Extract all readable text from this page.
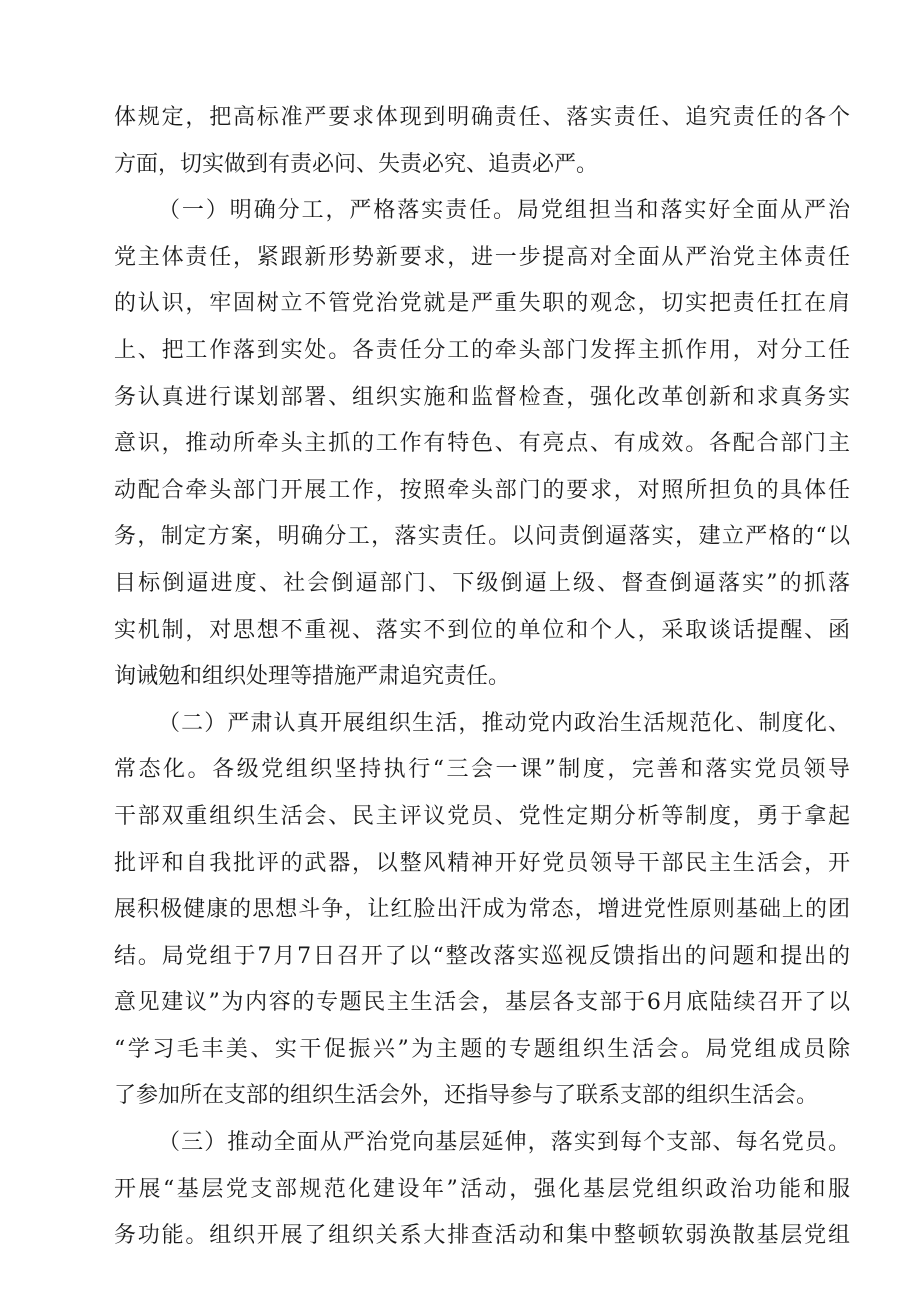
体规定，把高标准严要求体现到明确责任、落实责任、追究责任的各个
方面，切实做到有责必问、失责必究、追责必严。
（一）明确分工，严格落实责任。局党组担当和落实好全面从严治
党主体责任，紧跟新形势新要求，进一步提高对全面从严治党主体责任
的认识，牢固树立不管党治党就是严重失职的观念，切实把责任扛在肩
上、把工作落到实处。各责任分工的牵头部门发挥主抓作用，对分工任
务认真进行谋划部署、组织实施和监督检查，强化改革创新和求真务实
意识，推动所牵头主抓的工作有特色、有亮点、有成效。各配合部门主
动配合牵头部门开展工作，按照牵头部门的要求，对照所担负的具体任
务，制定方案，明确分工，落实责任。以问责倒逼落实，建立严格的“以
目标倒逼进度、社会倒逼部门、下级倒逼上级、督查倒逼落实”的抓落
实机制，对思想不重视、落实不到位的单位和个人，采取谈话提醒、函
询诫勉和组织处理等措施严肃追究责任。
（二）严肃认真开展组织生活，推动党内政治生活规范化、制度化、
常态化。各级党组织坚持执行“三会一课”制度，完善和落实党员领导
干部双重组织生活会、民主评议党员、党性定期分析等制度，勇于拿起
批评和自我批评的武器，以整风精神开好党员领导干部民主生活会，开
展积极健康的思想斗争，让红脸出汗成为常态，增进党性原则基础上的团
结。局党组于7月7日召开了以“整改落实巡视反馈指出的问题和提出的
意见建议”为内容的专题民主生活会，基层各支部于6月底陆续召开了以
“学习毛丰美、实干促振兴”为主题的专题组织生活会。局党组成员除
了参加所在支部的组织生活会外，还指导参与了联系支部的组织生活会。
（三）推动全面从严治党向基层延伸，落实到每个支部、每名党员。
开展“基层党支部规范化建设年”活动，强化基层党组织政治功能和服
务功能。组织开展了组织关系大排查活动和集中整顿软弱涣散基层党组
